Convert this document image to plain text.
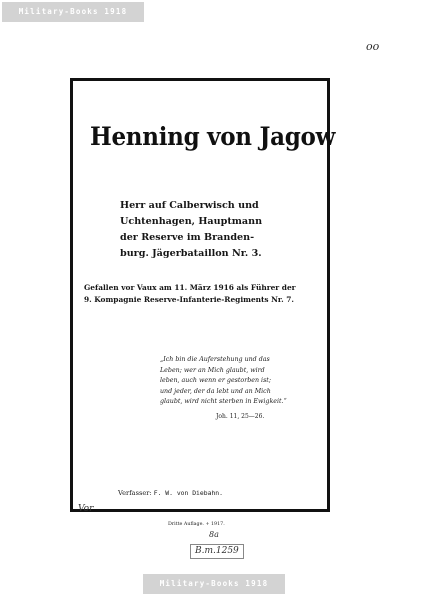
Military-Books 1918
oo
Henning von Jagow
Herr auf Calberwisch und
Uchtenhagen, Hauptmann
der Reserve im Branden-
burg. Jägerbataillon Nr. 3.
Gefallen vor Vaux am 11. März 1916 als Führer der
9. Kompagnie Reserve-Infanterie-Regiments Nr. 7.
„Ich bin die Auferstehung und das
Leben; wer an Mich glaubt, wird
leben, auch wenn er gestorben ist;
und jeder, der da lebt und an Mich
glaubt, wird nicht sterben in Ewigkeit.“
Joh. 11, 25—26.
Verfasser: F. W. von Diebahn.
Dritte Auflage. + 1917.
Vor
8a
B.m.1259
Military-Books 1918
